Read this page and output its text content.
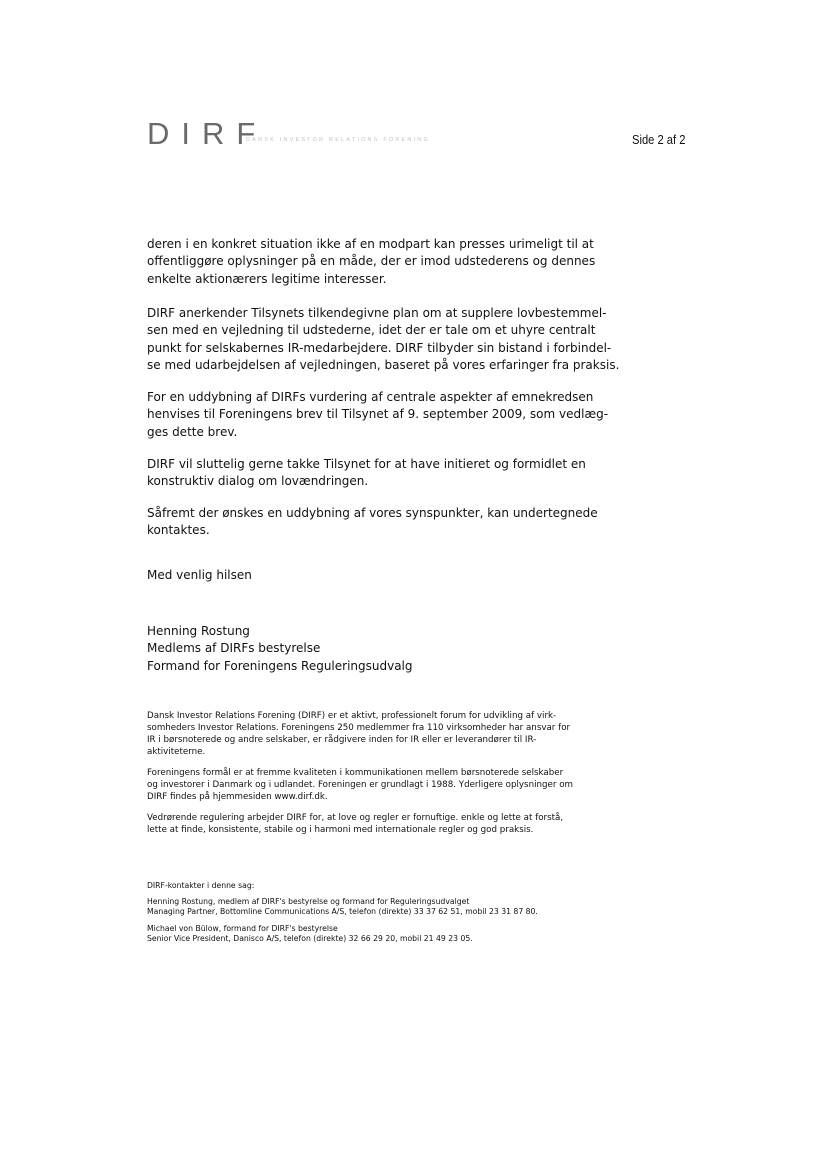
DIRF
DANSK INVESTOR RELATIONS FORENING	Side 2 af 2

deren i en konkret situation ikke af en modpart kan presses urimeligt til at
offentliggøre oplysninger på en måde, der er imod udstederens og dennes
enkelte aktionærers legitime interesser.

DIRF anerkender Tilsynets tilkendegivne plan om at supplere lovbestemmel-
sen med en vejledning til udstederne, idet der er tale om et uhyre centralt
punkt for selskabernes IR-medarbejdere. DIRF tilbyder sin bistand i forbindel-
se med udarbejdelsen af vejledningen, baseret på vores erfaringer fra praksis.

For en uddybning af DIRFs vurdering af centrale aspekter af emnekredsen
henvises til Foreningens brev til Tilsynet af 9. september 2009, som vedlæg-
ges dette brev.

DIRF vil sluttelig gerne takke Tilsynet for at have initieret og formidlet en
konstruktiv dialog om lovændringen.

Såfremt der ønskes en uddybning af vores synspunkter, kan undertegnede
kontaktes.

Med venlig hilsen

Henning Rostung
Medlems af DIRFs bestyrelse
Formand for Foreningens Reguleringsudvalg

Dansk Investor Relations Forening (DIRF) er et aktivt, professionelt forum for udvikling af virk-
somheders Investor Relations. Foreningens 250 medlemmer fra 110 virksomheder har ansvar for
IR i børsnoterede og andre selskaber, er rådgivere inden for IR eller er leverandører til IR-
aktiviteterne.

Foreningens formål er at fremme kvaliteten i kommunikationen mellem børsnoterede selskaber
og investorer i Danmark og i udlandet. Foreningen er grundlagt i 1988. Yderligere oplysninger om
DIRF findes på hjemmesiden www.dirf.dk.

Vedrørende regulering arbejder DIRF for, at love og regler er fornuftige. enkle og lette at forstå,
lette at finde, konsistente, stabile og i harmoni med internationale regler og god praksis.

DIRF-kontakter i denne sag:

Henning Rostung, medlem af DIRF's bestyrelse og formand for Reguleringsudvalget
Managing Partner, Bottomline Communications A/S, telefon (direkte) 33 37 62 51, mobil 23 31 87 80.

Michael von Bülow, formand for DIRF's bestyrelse
Senior Vice President, Danisco A/S, telefon (direkte) 32 66 29 20, mobil 21 49 23 05.
